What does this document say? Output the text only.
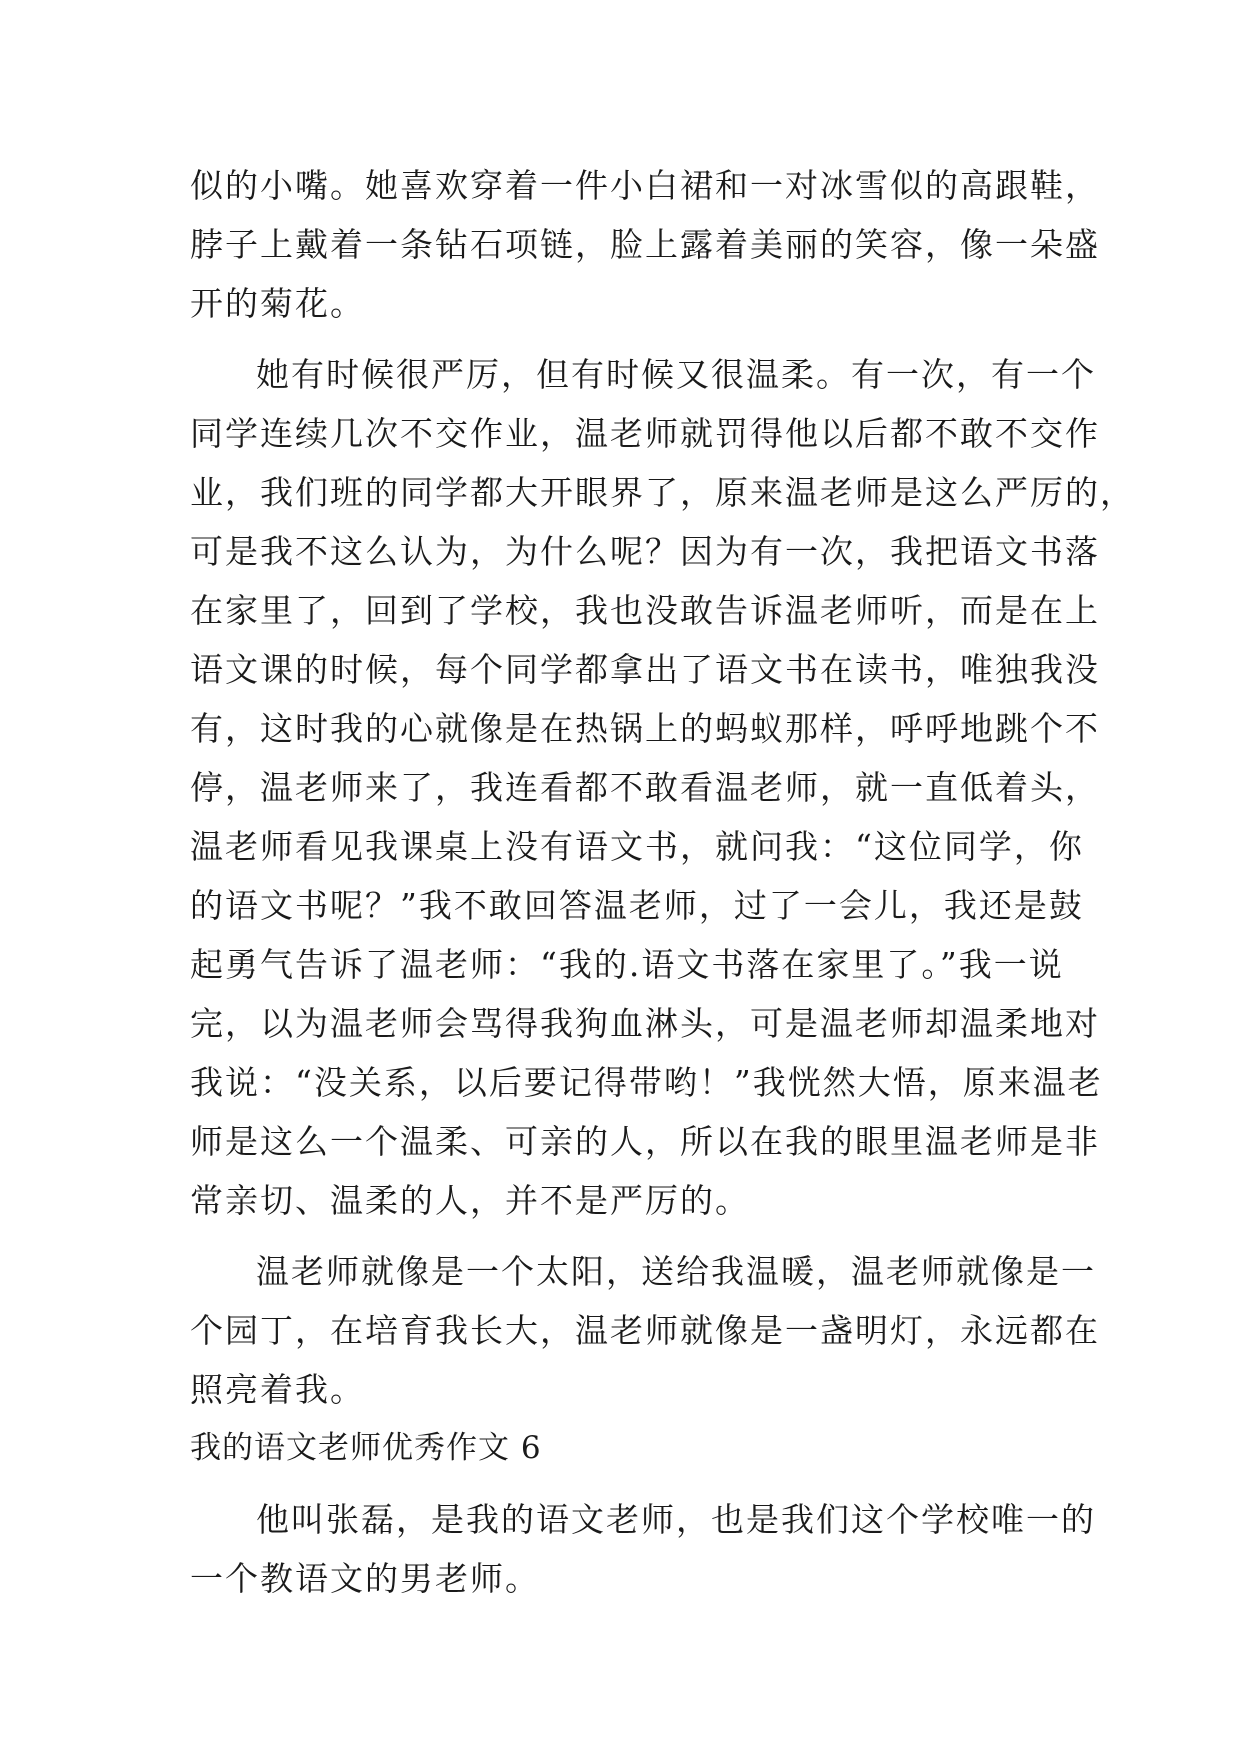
似的小嘴。她喜欢穿着一件小白裙和一对冰雪似的高跟鞋，
脖子上戴着一条钻石项链，脸上露着美丽的笑容，像一朵盛
开的菊花。
她有时候很严厉，但有时候又很温柔。有一次，有一个
同学连续几次不交作业，温老师就罚得他以后都不敢不交作
业，我们班的同学都大开眼界了，原来温老师是这么严厉的，
可是我不这么认为，为什么呢？因为有一次，我把语文书落
在家里了，回到了学校，我也没敢告诉温老师听，而是在上
语文课的时候，每个同学都拿出了语文书在读书，唯独我没
有，这时我的心就像是在热锅上的蚂蚁那样，呼呼地跳个不
停，温老师来了，我连看都不敢看温老师，就一直低着头，
温老师看见我课桌上没有语文书，就问我：“这位同学，你
的语文书呢？”我不敢回答温老师，过了一会儿，我还是鼓
起勇气告诉了温老师：“我的.语文书落在家里了。”我一说
完，以为温老师会骂得我狗血淋头，可是温老师却温柔地对
我说：“没关系，以后要记得带哟！”我恍然大悟，原来温老
师是这么一个温柔、可亲的人，所以在我的眼里温老师是非
常亲切、温柔的人，并不是严厉的。
温老师就像是一个太阳，送给我温暖，温老师就像是一
个园丁，在培育我长大，温老师就像是一盏明灯，永远都在
照亮着我。
我的语文老师优秀作文 6
他叫张磊，是我的语文老师，也是我们这个学校唯一的
一个教语文的男老师。
